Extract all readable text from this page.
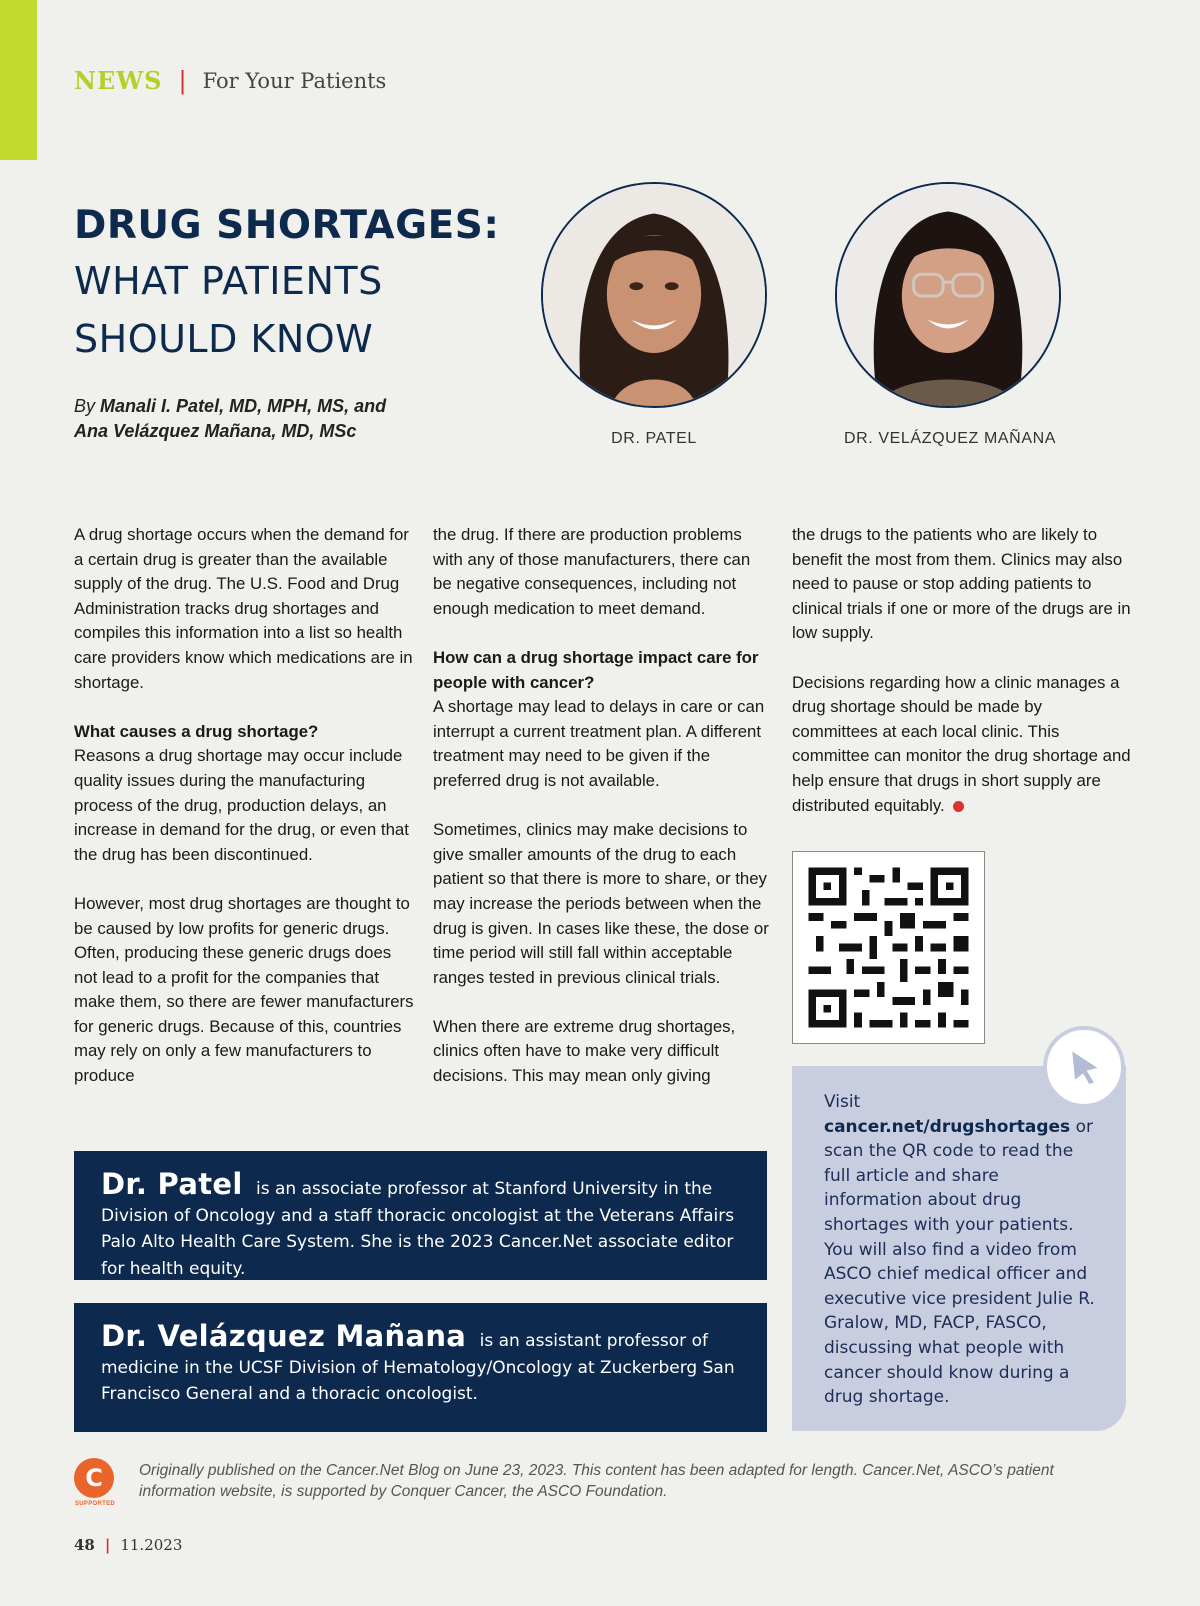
NEWS | For Your Patients
DRUG SHORTAGES:
WHAT PATIENTS
SHOULD KNOW
By Manali I. Patel, MD, MPH, MS, and
Ana Velázquez Mañana, MD, MSc	DR. PATEL	DR. VELÁZQUEZ MAÑANA

A drug shortage occurs when the demand for a certain drug is greater than the available supply of the drug. The U.S. Food and Drug Administration tracks drug shortages and compiles this information into a list so health care providers know which medications are in shortage.

What causes a drug shortage?

Reasons a drug shortage may occur include quality issues during the manufacturing process of the drug, production delays, an increase in demand for the drug, or even that the drug has been discontinued.

However, most drug shortages are thought to be caused by low profits for generic drugs. Often, producing these generic drugs does not lead to a profit for the companies that make them, so there are fewer manufacturers for generic drugs. Because of this, countries may rely on only a few manufacturers to produce

the drug. If there are production problems with any of those manufacturers, there can be negative consequences, including not enough medication to meet demand.

How can a drug shortage impact care for people with cancer?

A shortage may lead to delays in care or can interrupt a current treatment plan. A different treatment may need to be given if the preferred drug is not available.

Sometimes, clinics may make decisions to give smaller amounts of the drug to each patient so that there is more to share, or they may increase the periods between when the drug is given. In cases like these, the dose or time period will still fall within acceptable ranges tested in previous clinical trials.

When there are extreme drug shortages, clinics often have to make very difficult decisions. This may mean only giving

the drugs to the patients who are likely to benefit the most from them. Clinics may also need to pause or stop adding patients to clinical trials if one or more of the drugs are in low supply.

Decisions regarding how a clinic manages a drug shortage should be made by committees at each local clinic. This committee can monitor the drug shortage and help ensure that drugs in short supply are distributed equitably.

Visit cancer.net/drugshortages or scan the QR code to read the full article and share information about drug shortages with your patients. You will also find a video from ASCO chief medical officer and executive vice president Julie R. Gralow, MD, FACP, FASCO, discussing what people with cancer should know during a drug shortage.
Dr. Patel is an associate professor at Stanford University in the Division of Oncology and a staff thoracic oncologist at the Veterans Affairs Palo Alto Health Care System. She is the 2023 Cancer.Net associate editor for health equity.
Dr. Velázquez Mañana is an assistant professor of medicine in the UCSF Division of Hematology/Oncology at Zuckerberg San Francisco General and a thoracic oncologist.
C
SUPPORTED
Originally published on the Cancer.Net Blog on June 23, 2023. This content has been adapted for length. Cancer.Net, ASCO’s patient information website, is supported by Conquer Cancer, the ASCO Foundation.
48 | 11.2023
